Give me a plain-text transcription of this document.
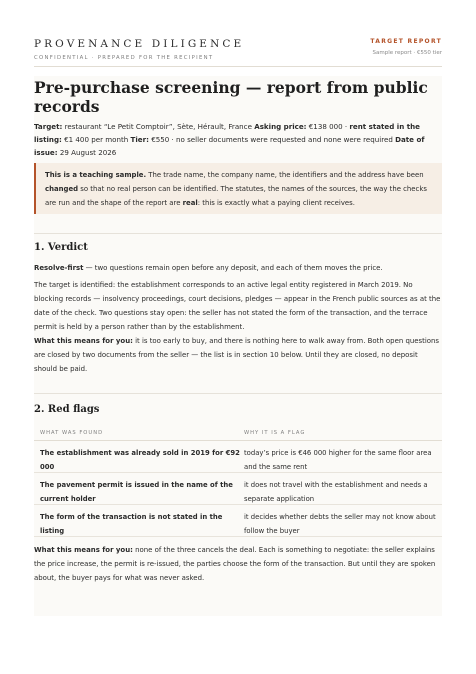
PROVENANCE DILIGENCE
CONFIDENTIAL · PREPARED FOR THE RECIPIENT
TARGET REPORT
Sample report · €550 tier
Pre-purchase screening — report from public records
Target: restaurant “Le Petit Comptoir”, Sète, Hérault, France Asking price: €138 000 · rent stated in the listing: €1 400 per month Tier: €550 · no seller documents were requested and none were required Date of issue: 29 August 2026
This is a teaching sample. The trade name, the company name, the identifiers and the address have been changed so that no real person can be identified. The statutes, the names of the sources, the way the checks are run and the shape of the report are real: this is exactly what a paying client receives.
1. Verdict

Resolve-first — two questions remain open before any deposit, and each of them moves the price.

The target is identified: the establishment corresponds to an active legal entity registered in March 2019. No blocking records — insolvency proceedings, court decisions, pledges — appear in the French public sources as at the date of the check. Two questions stay open: the seller has not stated the form of the transaction, and the terrace permit is held by a person rather than by the establishment.

What this means for you: it is too early to buy, and there is nothing here to walk away from. Both open questions are closed by two documents from the seller — the list is in section 10 below. Until they are closed, no deposit should be paid.

2. Red flags
WHAT WAS FOUND	WHY IT IS A FLAG
The establishment was already sold in 2019 for €92 000
today’s price is €46 000 higher for the same floor area and the same rent
The pavement permit is issued in the name of the current holder
it does not travel with the establishment and needs a separate application
The form of the transaction is not stated in the listing
it decides whether debts the seller may not know about follow the buyer

What this means for you: none of the three cancels the deal. Each is something to negotiate: the seller explains the price increase, the permit is re-issued, the parties choose the form of the transaction. But until they are spoken about, the buyer pays for what was never asked.
